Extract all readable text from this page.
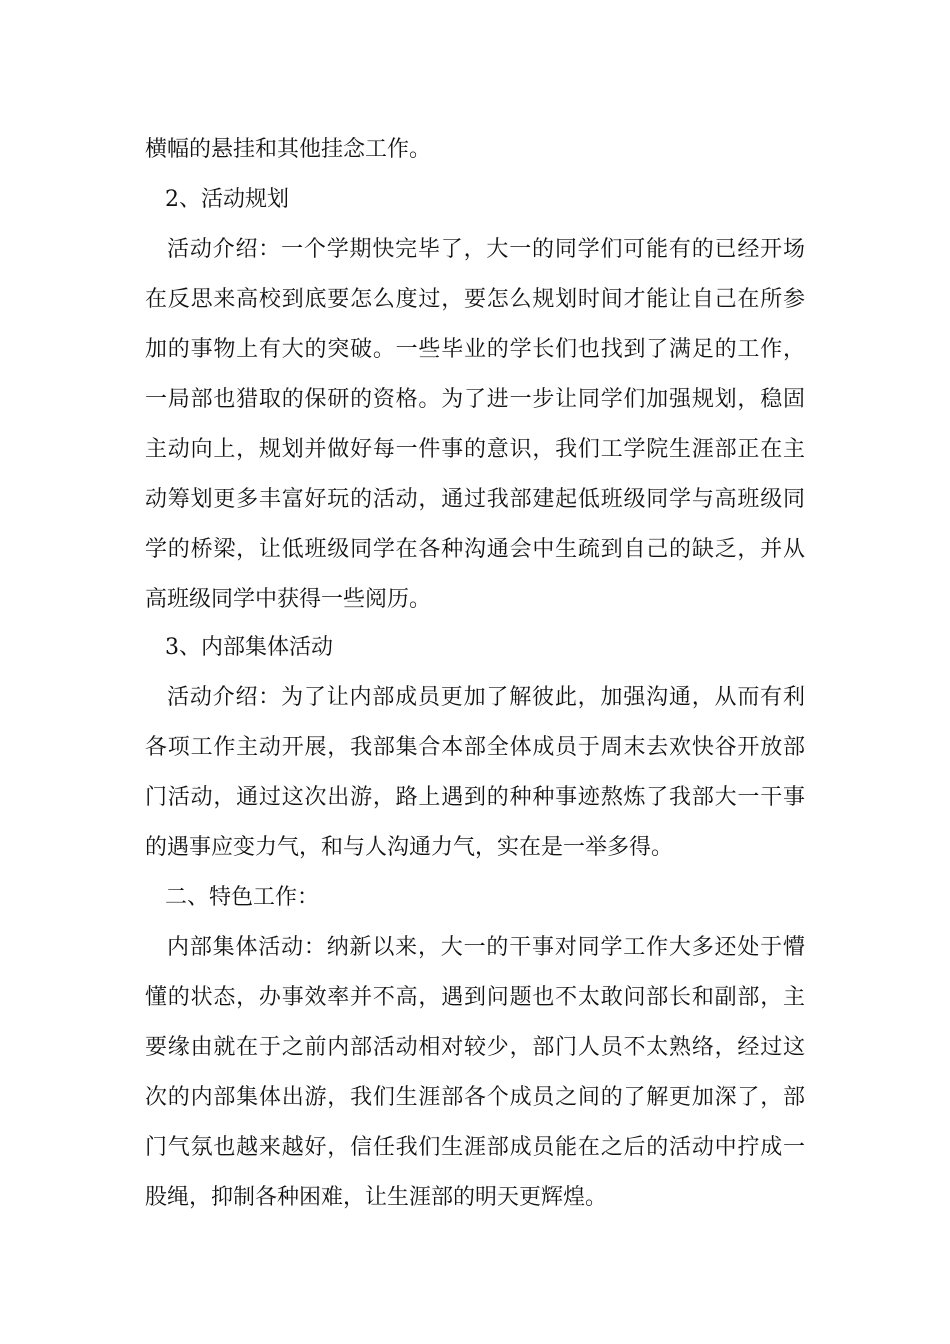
横幅的悬挂和其他挂念工作。
2、活动规划
活动介绍：一个学期快完毕了，大一的同学们可能有的已经开场
在反思来高校到底要怎么度过，要怎么规划时间才能让自己在所参
加的事物上有大的突破。一些毕业的学长们也找到了满足的工作，
一局部也猎取的保研的资格。为了进一步让同学们加强规划，稳固
主动向上，规划并做好每一件事的意识，我们工学院生涯部正在主
动筹划更多丰富好玩的活动，通过我部建起低班级同学与高班级同
学的桥梁，让低班级同学在各种沟通会中生疏到自己的缺乏，并从
高班级同学中获得一些阅历。
3、内部集体活动
活动介绍：为了让内部成员更加了解彼此，加强沟通，从而有利
各项工作主动开展，我部集合本部全体成员于周末去欢快谷开放部
门活动，通过这次出游，路上遇到的种种事迹熬炼了我部大一干事
的遇事应变力气，和与人沟通力气，实在是一举多得。
二、特色工作：
内部集体活动：纳新以来，大一的干事对同学工作大多还处于懵
懂的状态，办事效率并不高，遇到问题也不太敢问部长和副部，主
要缘由就在于之前内部活动相对较少，部门人员不太熟络，经过这
次的内部集体出游，我们生涯部各个成员之间的了解更加深了，部
门气氛也越来越好，信任我们生涯部成员能在之后的活动中拧成一
股绳，抑制各种困难，让生涯部的明天更辉煌。
